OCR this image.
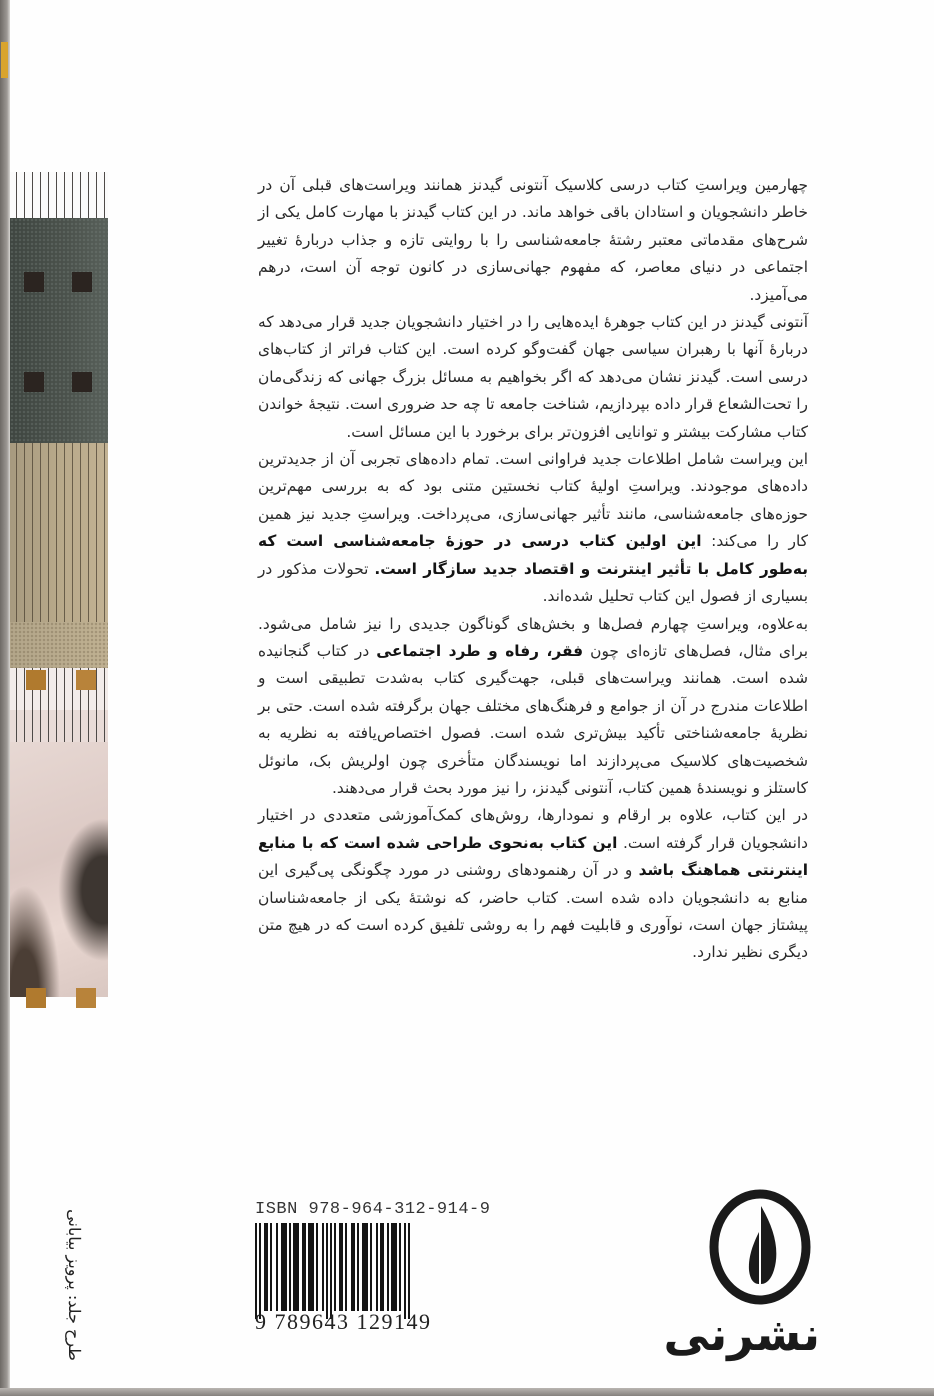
چهارمین ویراستِ کتاب درسی کلاسیک آنتونی گیدنز همانند ویراست‌های قبلی آن در خاطر دانشجویان و استادان باقی خواهد ماند. در این کتاب گیدنز با مهارت کامل یکی از شرح‌های مقدماتی معتبر رشتهٔ جامعه‌شناسی را با روایتی تازه و جذاب دربارهٔ تغییر اجتماعی در دنیای معاصر، که مفهوم جهانی‌سازی در کانون توجه آن است، درهم می‌آمیزد.

آنتونی گیدنز در این کتاب جوهرهٔ ایده‌هایی را در اختیار دانشجویان جدید قرار می‌دهد که دربارهٔ آنها با رهبران سیاسی جهان گفت‌وگو کرده است. این کتاب فراتر از کتاب‌های درسی است. گیدنز نشان می‌دهد که اگر بخواهیم به مسائل بزرگ جهانی که زندگی‌مان را تحت‌الشعاع قرار داده بپردازیم، شناخت جامعه تا چه حد ضروری است. نتیجهٔ خواندن کتاب مشارکت بیشتر و توانایی افزون‌تر برای برخورد با این مسائل است.

این ویراست شامل اطلاعات جدید فراوانی است. تمام داده‌های تجربی آن از جدیدترین داده‌های موجودند. ویراستِ اولیهٔ کتاب نخستین متنی بود که به بررسی مهم‌ترین حوزه‌های جامعه‌شناسی، مانند تأثیر جهانی‌سازی، می‌پرداخت. ویراستِ جدید نیز همین کار را می‌کند: این اولین کتاب درسی در حوزهٔ جامعه‌شناسی است که به‌طور کامل با تأثیر اینترنت و اقتصاد جدید سازگار است. تحولات مذکور در بسیاری از فصول این کتاب تحلیل شده‌اند.

به‌علاوه، ویراستِ چهارم فصل‌ها و بخش‌های گوناگون جدیدی را نیز شامل می‌شود. برای مثال، فصل‌های تازه‌ای چون فقر، رفاه و طرد اجتماعی در کتاب گنجانیده شده است. همانند ویراست‌های قبلی، جهت‌گیری کتاب به‌شدت تطبیقی است و اطلاعات مندرج در آن از جوامع و فرهنگ‌های مختلف جهان برگرفته شده است. حتی بر نظریهٔ جامعه‌شناختی تأکید بیش‌تری شده است. فصول اختصاص‌یافته به نظریه به شخصیت‌های کلاسیک می‌پردازند اما نویسندگان متأخری چون اولریش بک، مانوئل کاستلز و نویسندهٔ همین کتاب، آنتونی گیدنز، را نیز مورد بحث قرار می‌دهند.

در این کتاب، علاوه بر ارقام و نمودارها، روش‌های کمک‌آموزشی متعددی در اختیار دانشجویان قرار گرفته است. این کتاب به‌نحوی طراحی شده است که با منابع اینترنتی هماهنگ باشد و در آن رهنمودهای روشنی در مورد چگونگی پی‌گیری این منابع به دانشجویان داده شده است. کتاب حاضر، که نوشتهٔ یکی از جامعه‌شناسان پیشتاز جهان است، نوآوری و قابلیت فهم را به روشی تلفیق کرده است که در هیچ متن دیگری نظیر ندارد.

طرح جلد: پرویز بیابانی	ISBN 978-964-312-914-9
9 789643 129149	نشرنی
